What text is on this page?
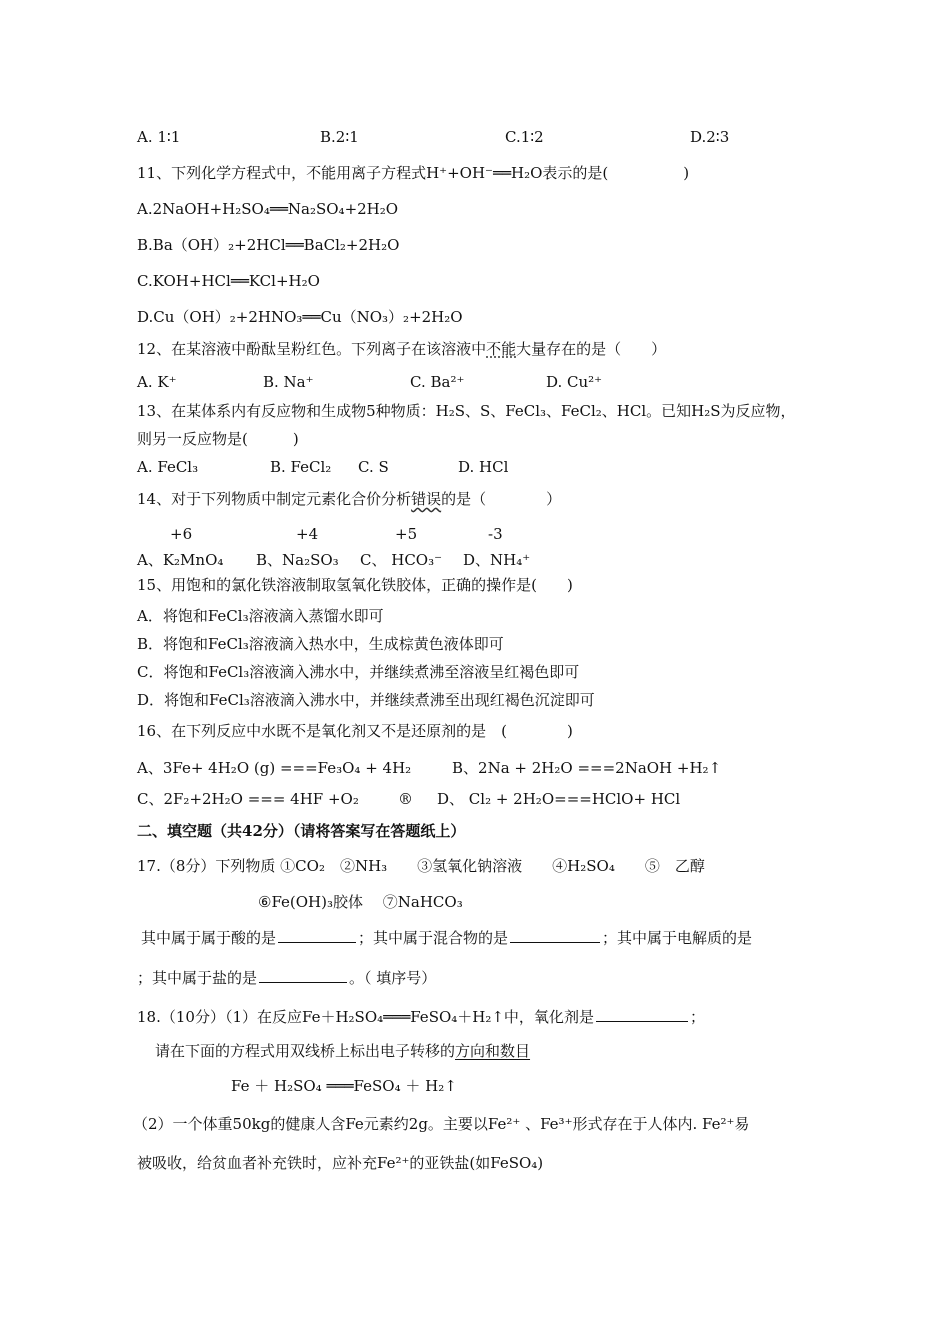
A. 1∶1	B.2∶1	C.1∶2	D.2∶3
11、下列化学方程式中，不能用离子方程式H⁺+OH⁻══H₂O表示的是(　　　　　)
A.2NaOH+H₂SO₄══Na₂SO₄+2H₂O
B.Ba（OH）₂+2HCl══BaCl₂+2H₂O
C.KOH+HCl══KCl+H₂O
D.Cu（OH）₂+2HNO₃══Cu（NO₃）₂+2H₂O
12、在某溶液中酚酞呈粉红色。下列离子在该溶液中不能大量存在的是（　　）
A. K⁺	B. Na⁺	C. Ba²⁺	D. Cu²⁺
13、在某体系内有反应物和生成物5种物质：H₂S、S、FeCl₃、FeCl₂、HCl。已知H₂S为反应物，
则另一反应物是(　　　)
A. FeCl₃	B. FeCl₂ C. S	D. HCl
14、对于下列物质中制定元素化合价分析错误的是（　　　　）
+6	+4	+5	-3
A、K₂MnO₄ B、Na₂SO₃ C、 HCO₃⁻ D、NH₄⁺
15、用饱和的氯化铁溶液制取氢氧化铁胶体，正确的操作是(　　)
A．将饱和FeCl₃溶液滴入蒸馏水即可
B．将饱和FeCl₃溶液滴入热水中，生成棕黄色液体即可
C．将饱和FeCl₃溶液滴入沸水中，并继续煮沸至溶液呈红褐色即可
D．将饱和FeCl₃溶液滴入沸水中，并继续煮沸至出现红褐色沉淀即可
16、在下列反应中水既不是氧化剂又不是还原剂的是　(　　　　)
A、3Fe+ 4H₂O (g) ===Fe₃O₄ + 4H₂	B、2Na + 2H₂O ===2NaOH +H₂↑
C、2F₂+2H₂O === 4HF +O₂	® D、 Cl₂ + 2H₂O===HClO+ HCl
二、填空题（共42分）（请将答案写在答题纸上）
17.（8分）下列物质 ①CO₂　②NH₃　　③氢氧化钠溶液　　④H₂SO₄　　⑤　乙醇
⑥Fe(OH)₃胶体　 ⑦NaHCO₃
其中属于属于酸的是	；其中属于混合物的是	；其中属于电解质的是
；其中属于盐的是	。（ 填序号）
18.（10分）（1）在反应Fe＋H₂SO₄═══FeSO₄＋H₂↑中，氧化剂是	；
请在下面的方程式用双线桥上标出电子转移的方向和数目
Fe ＋ H₂SO₄ ═══FeSO₄ ＋ H₂↑
（2）一个体重50kg的健康人含Fe元素约2g。主要以Fe²⁺ 、Fe³⁺形式存在于人体内. Fe²⁺易
被吸收，给贫血者补充铁时，应补充Fe²⁺的亚铁盐(如FeSO₄)
